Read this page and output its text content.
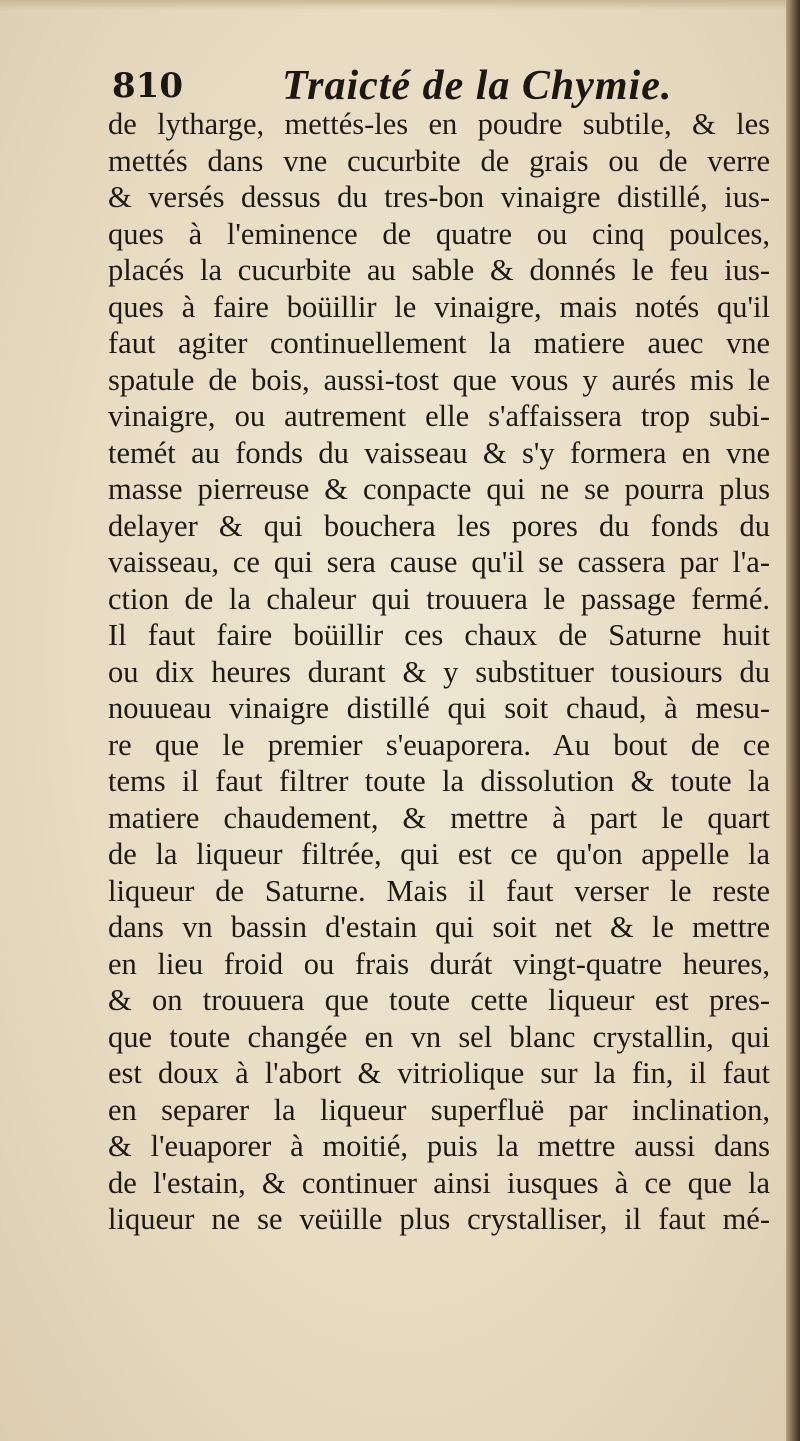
810 Traicté de la Chymie.
de lytharge, mettés-les en poudre subtile, & les
mettés dans vne cucurbite de grais ou de verre
& versés dessus du tres-bon vinaigre distillé, ius-
ques à l'eminence de quatre ou cinq poulces,
placés la cucurbite au sable & donnés le feu ius-
ques à faire boüillir le vinaigre, mais notés qu'il
faut agiter continuellement la matiere auec vne
spatule de bois, aussi-tost que vous y aurés mis le
vinaigre, ou autrement elle s'affaissera trop subi-
temét au fonds du vaisseau & s'y formera en vne
masse pierreuse & conpacte qui ne se pourra plus
delayer & qui bouchera les pores du fonds du
vaisseau, ce qui sera cause qu'il se cassera par l'a-
ction de la chaleur qui trouuera le passage fermé.
Il faut faire boüillir ces chaux de Saturne huit
ou dix heures durant & y substituer tousiours du
nouueau vinaigre distillé qui soit chaud, à mesu-
re que le premier s'euaporera. Au bout de ce
tems il faut filtrer toute la dissolution & toute la
matiere chaudement, & mettre à part le quart
de la liqueur filtrée, qui est ce qu'on appelle la
liqueur de Saturne. Mais il faut verser le reste
dans vn bassin d'estain qui soit net & le mettre
en lieu froid ou frais durát vingt-quatre heures,
& on trouuera que toute cette liqueur est pres-
que toute changée en vn sel blanc crystallin, qui
est doux à l'abort & vitriolique sur la fin, il faut
en separer la liqueur superfluë par inclination,
& l'euaporer à moitié, puis la mettre aussi dans
de l'estain, & continuer ainsi iusques à ce que la
liqueur ne se veüille plus crystalliser, il faut mé-
